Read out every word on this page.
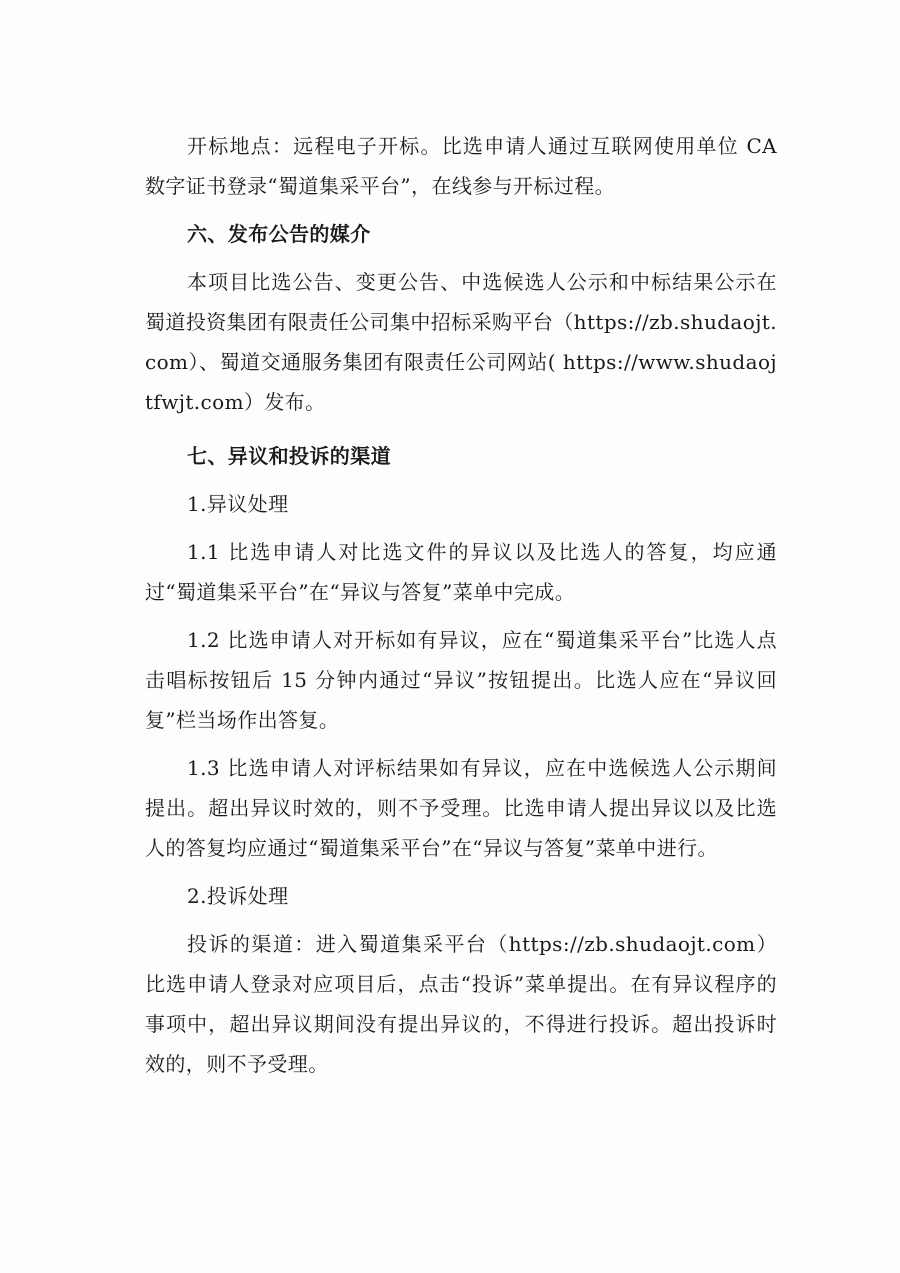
开标地点：远程电子开标。比选申请人通过互联网使用单位 CA 数字证书登录“蜀道集采平台”，在线参与开标过程。

六、发布公告的媒介

本项目比选公告、变更公告、中选候选人公示和中标结果公示在蜀道投资集团有限责任公司集中招标采购平台（https://zb.shudaojt.com）、蜀道交通服务集团有限责任公司网站( https://www.shudaojtfwjt.com）发布。

七、异议和投诉的渠道

1.异议处理

1.1 比选申请人对比选文件的异议以及比选人的答复，均应通过“蜀道集采平台”在“异议与答复”菜单中完成。

1.2 比选申请人对开标如有异议，应在“蜀道集采平台”比选人点击唱标按钮后 15 分钟内通过“异议”按钮提出。比选人应在“异议回复”栏当场作出答复。

1.3 比选申请人对评标结果如有异议，应在中选候选人公示期间提出。超出异议时效的，则不予受理。比选申请人提出异议以及比选人的答复均应通过“蜀道集采平台”在“异议与答复”菜单中进行。

2.投诉处理

投诉的渠道：进入蜀道集采平台（https://zb.shudaojt.com）比选申请人登录对应项目后，点击“投诉”菜单提出。在有异议程序的事项中，超出异议期间没有提出异议的，不得进行投诉。超出投诉时效的，则不予受理。
